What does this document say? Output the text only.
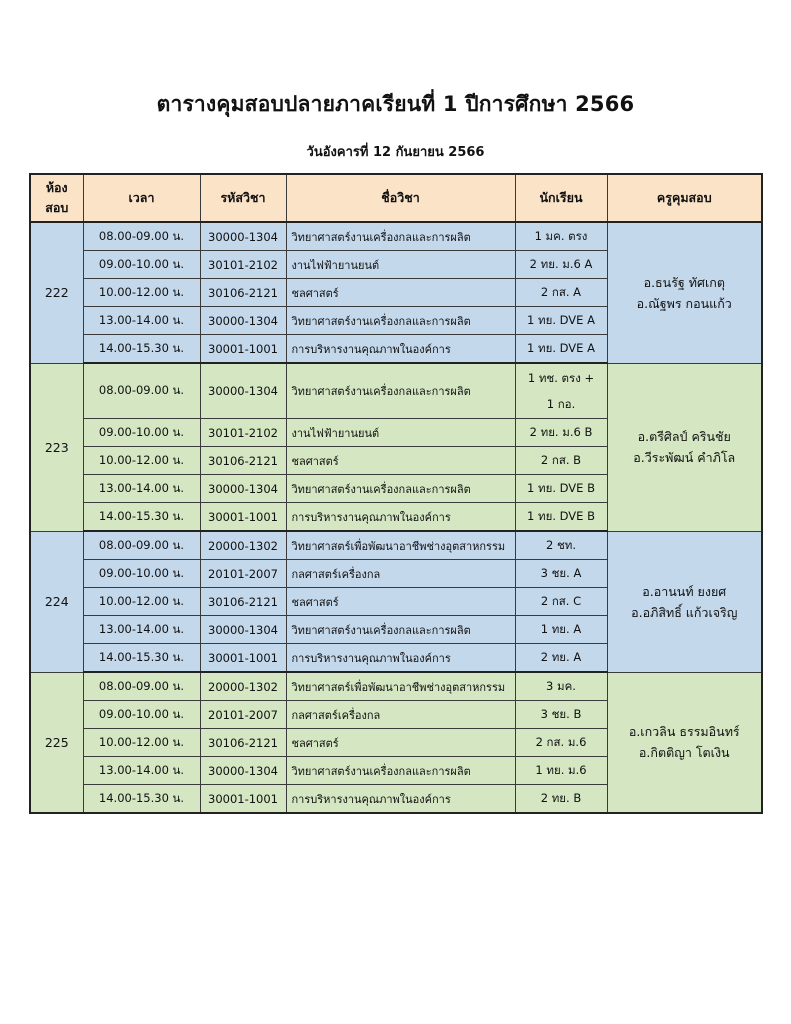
ตารางคุมสอบปลายภาคเรียนที่ 1 ปีการศึกษา 2566
วันอังคารที่ 12 กันยายน 2566
ห้อง
สอบ	เวลา	รหัสวิชา	ชื่อวิชา	นักเรียน	ครูคุมสอบ
222	08.00-09.00 น.	30000-1304	วิทยาศาสตร์งานเครื่องกลและการผลิต	1 มค. ตรง	อ.ธนรัฐ ทัศเกตุ
อ.ณัฐพร กอนแก้ว

	09.00-10.00 น.	30101-2102	งานไฟฟ้ายานยนต์	2 ทย. ม.6 A	
	10.00-12.00 น.	30106-2121	ชลศาสตร์	2 กส. A	
	13.00-14.00 น.	30000-1304	วิทยาศาสตร์งานเครื่องกลและการผลิต	1 ทย. DVE A	
	14.00-15.30 น.	30001-1001	การบริหารงานคุณภาพในองค์การ	1 ทย. DVE A	
223	08.00-09.00 น.	30000-1304	วิทยาศาสตร์งานเครื่องกลและการผลิต	1 ทช. ตรง +
1 กอ.	อ.ตรีศิลป์ ครินชัย
อ.วีระพัฒน์ คำภิโล

	09.00-10.00 น.	30101-2102	งานไฟฟ้ายานยนต์	2 ทย. ม.6 B	
	10.00-12.00 น.	30106-2121	ชลศาสตร์	2 กส. B	
	13.00-14.00 น.	30000-1304	วิทยาศาสตร์งานเครื่องกลและการผลิต	1 ทย. DVE B	
	14.00-15.30 น.	30001-1001	การบริหารงานคุณภาพในองค์การ	1 ทย. DVE B	
224	08.00-09.00 น.	20000-1302	วิทยาศาสตร์เพื่อพัฒนาอาชีพช่างอุตสาหกรรม	2 ชท.	อ.อานนท์ ยงยศ
อ.อภิสิทธิ์ แก้วเจริญ

	09.00-10.00 น.	20101-2007	กลศาสตร์เครื่องกล	3 ชย. A	
	10.00-12.00 น.	30106-2121	ชลศาสตร์	2 กส. C	
	13.00-14.00 น.	30000-1304	วิทยาศาสตร์งานเครื่องกลและการผลิต	1 ทย. A	
	14.00-15.30 น.	30001-1001	การบริหารงานคุณภาพในองค์การ	2 ทย. A	
225	08.00-09.00 น.	20000-1302	วิทยาศาสตร์เพื่อพัฒนาอาชีพช่างอุตสาหกรรม	3 มค.	อ.เกวลิน ธรรมอินทร์
อ.กิตติญา โตเงิน

	09.00-10.00 น.	20101-2007	กลศาสตร์เครื่องกล	3 ชย. B	
	10.00-12.00 น.	30106-2121	ชลศาสตร์	2 กส. ม.6	
	13.00-14.00 น.	30000-1304	วิทยาศาสตร์งานเครื่องกลและการผลิต	1 ทย. ม.6	
	14.00-15.30 น.	30001-1001	การบริหารงานคุณภาพในองค์การ	2 ทย. B	
